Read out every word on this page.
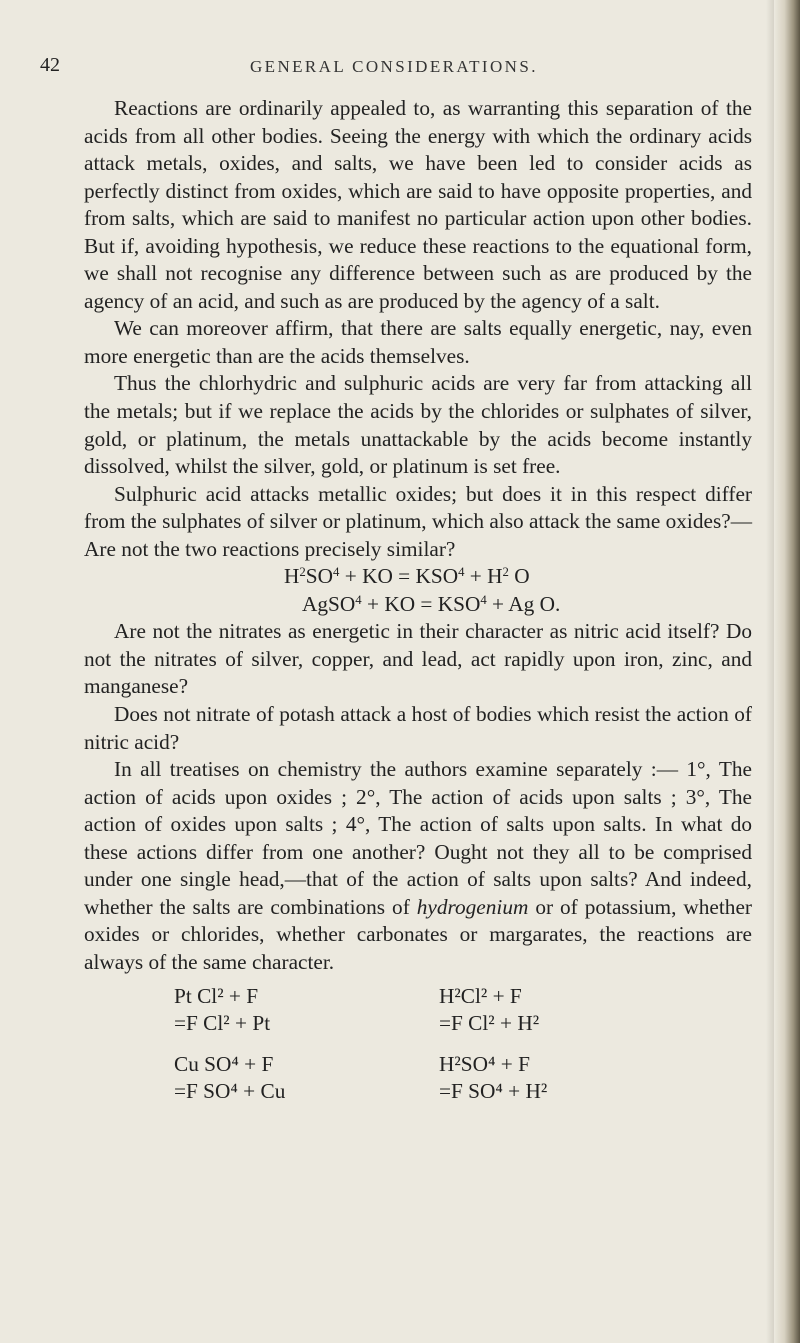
42	GENERAL CONSIDERATIONS.

Reactions are ordinarily appealed to, as warranting this separation of the acids from all other bodies. Seeing the energy with which the ordinary acids attack metals, oxides, and salts, we have been led to consider acids as perfectly distinct from oxides, which are said to have opposite properties, and from salts, which are said to manifest no particular action upon other bodies. But if, avoiding hypothesis, we reduce these reactions to the equational form, we shall not recognise any difference between such as are produced by the agency of an acid, and such as are produced by the agency of a salt.

We can moreover affirm, that there are salts equally energetic, nay, even more energetic than are the acids themselves.

Thus the chlorhydric and sulphuric acids are very far from attacking all the metals; but if we replace the acids by the chlorides or sulphates of silver, gold, or platinum, the metals unattackable by the acids become instantly dissolved, whilst the silver, gold, or platinum is set free.

Sulphuric acid attacks metallic oxides; but does it in this respect differ from the sulphates of silver or platinum, which also attack the same oxides?—Are not the two reactions precisely similar?

$H^2SO^4$ + KO = $KSO^4 + H^2$ O
AgSO$^4$ + KO = $KSO^4 + Ag$ O.

Are not the nitrates as energetic in their character as nitric acid itself? Do not the nitrates of silver, copper, and lead, act rapidly upon iron, zinc, and manganese?

Does not nitrate of potash attack a host of bodies which resist the action of nitric acid?

In all treatises on chemistry the authors examine separately :— 1°, The action of acids upon oxides ; 2°, The action of acids upon salts ; 3°, The action of oxides upon salts ; 4°, The action of salts upon salts. In what do these actions differ from one another? Ought not they all to be comprised under one single head,—that of the action of salts upon salts? And indeed, whether the salts are combinations of hydrogenium or of potassium, whether oxides or chlorides, whether carbonates or margarates, the reactions are always of the same character.

Pt Cl² + F	H²Cl² + F
=F Cl² + Pt	=F Cl² + H²
Cu SO⁴ + F	H²SO⁴ + F
=F SO⁴ + Cu	=F SO⁴ + H²
